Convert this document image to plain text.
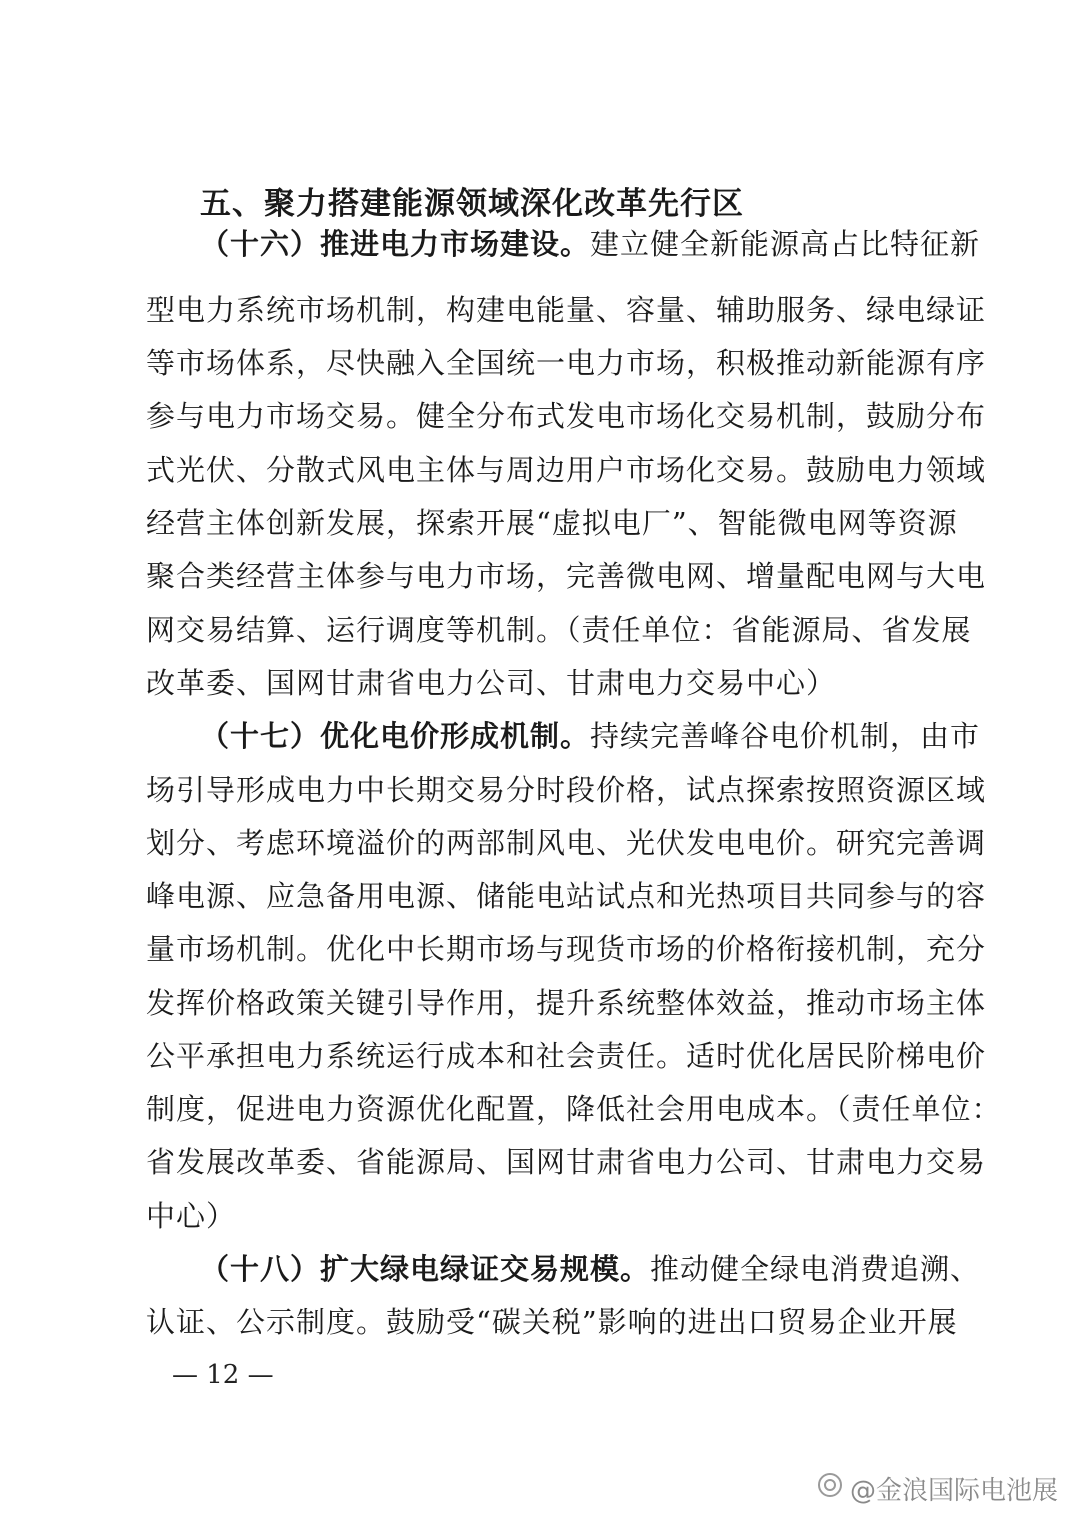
五、聚力搭建能源领域深化改革先行区
（十六）推进电力市场建设。建立健全新能源高占比特征新
型电力系统市场机制，构建电能量、容量、辅助服务、绿电绿证
等市场体系，尽快融入全国统一电力市场，积极推动新能源有序
参与电力市场交易。健全分布式发电市场化交易机制，鼓励分布
式光伏、分散式风电主体与周边用户市场化交易。鼓励电力领域
经营主体创新发展，探索开展“虚拟电厂”、智能微电网等资源
聚合类经营主体参与电力市场，完善微电网、增量配电网与大电
网交易结算、运行调度等机制。（责任单位：省能源局、省发展
改革委、国网甘肃省电力公司、甘肃电力交易中心）
（十七）优化电价形成机制。持续完善峰谷电价机制，由市
场引导形成电力中长期交易分时段价格，试点探索按照资源区域
划分、考虑环境溢价的两部制风电、光伏发电电价。研究完善调
峰电源、应急备用电源、储能电站试点和光热项目共同参与的容
量市场机制。优化中长期市场与现货市场的价格衔接机制，充分
发挥价格政策关键引导作用，提升系统整体效益，推动市场主体
公平承担电力系统运行成本和社会责任。适时优化居民阶梯电价
制度，促进电力资源优化配置，降低社会用电成本。（责任单位：
省发展改革委、省能源局、国网甘肃省电力公司、甘肃电力交易
中心）
（十八）扩大绿电绿证交易规模。推动健全绿电消费追溯、
认证、公示制度。鼓励受“碳关税”影响的进出口贸易企业开展
— 12 —
@金浪国际电池展
